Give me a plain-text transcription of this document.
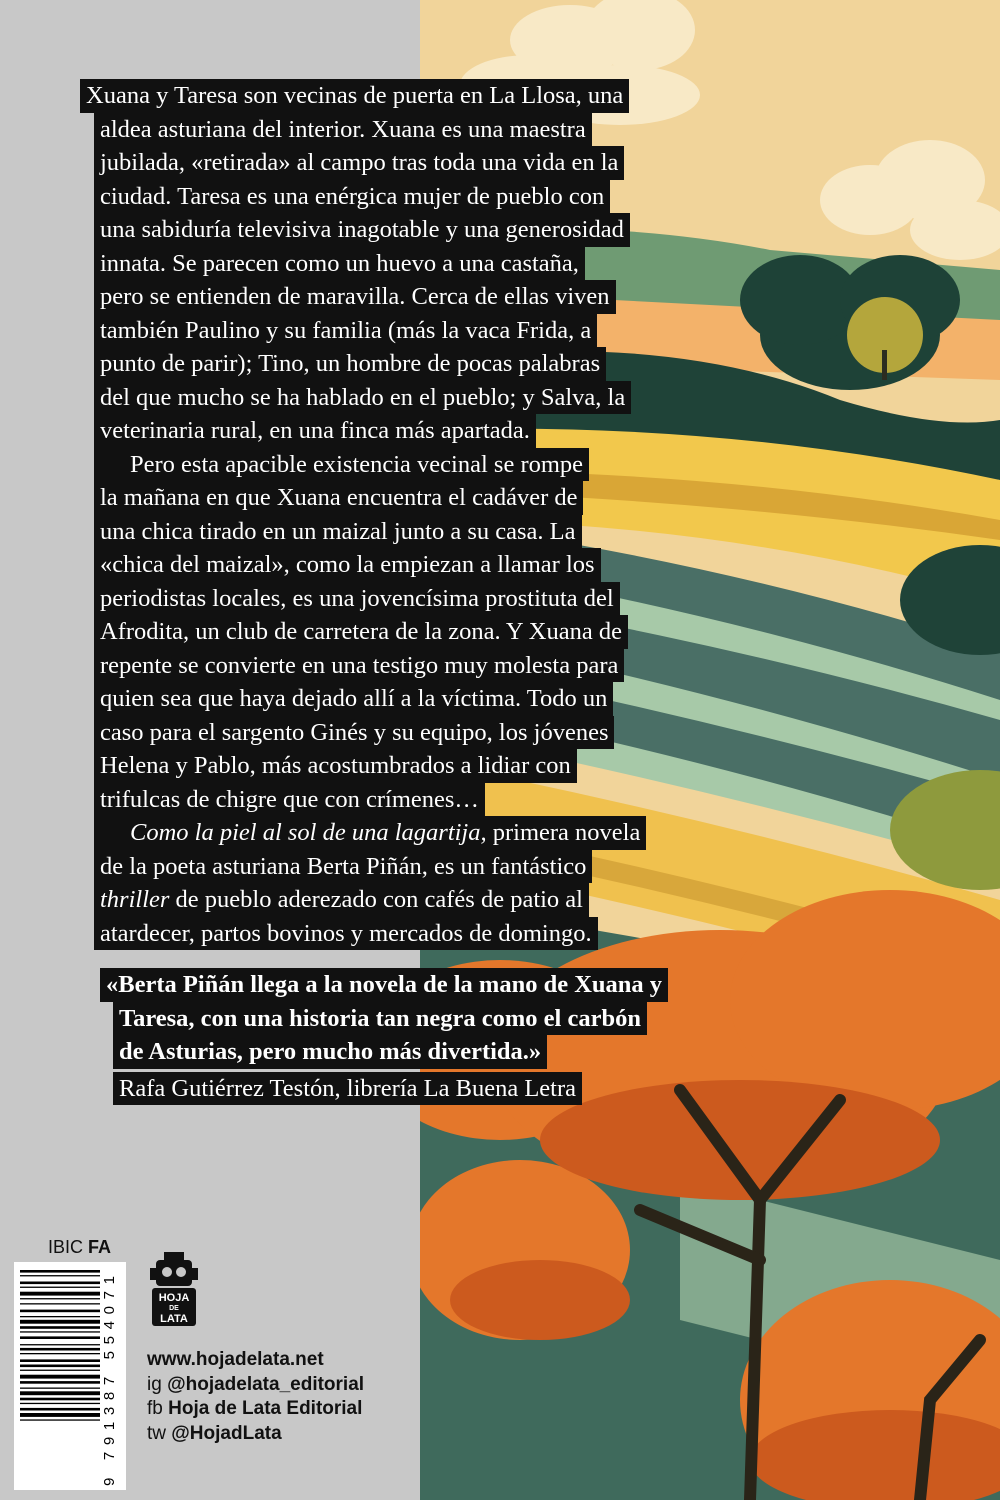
Xuana y Taresa son vecinas de puerta en La Llosa, una
aldea asturiana del interior. Xuana es una maestra
jubilada, «retirada» al campo tras toda una vida en la
ciudad. Taresa es una enérgica mujer de pueblo con
una sabiduría televisiva inagotable y una generosidad
innata. Se parecen como un huevo a una castaña,
pero se entienden de maravilla. Cerca de ellas viven
también Paulino y su familia (más la vaca Frida, a
punto de parir); Tino, un hombre de pocas palabras
del que mucho se ha hablado en el pueblo; y Salva, la
veterinaria rural, en una finca más apartada.
Pero esta apacible existencia vecinal se rompe
la mañana en que Xuana encuentra el cadáver de
una chica tirado en un maizal junto a su casa. La
«chica del maizal», como la empiezan a llamar los
periodistas locales, es una jovencísima prostituta del
Afrodita, un club de carretera de la zona. Y Xuana de
repente se convierte en una testigo muy molesta para
quien sea que haya dejado allí a la víctima. Todo un
caso para el sargento Ginés y su equipo, los jóvenes
Helena y Pablo, más acostumbrados a lidiar con
trifulcas de chigre que con crímenes…
Como la piel al sol de una lagartija, primera novela
de la poeta asturiana Berta Piñán, es un fantástico
thriller de pueblo aderezado con cafés de patio al
atardecer, partos bovinos y mercados de domingo.
«Berta Piñán llega a la novela de la mano de Xuana y
Taresa, con una historia tan negra como el carbón
de Asturias, pero mucho más divertida.»
Rafa Gutiérrez Testón, librería La Buena Letra
IBIC FA
9 791387 554071
HOJA
DE
LATA
www.hojadelata.net
ig @hojadelata_editorial
fb Hoja de Lata Editorial
tw @HojadLata
